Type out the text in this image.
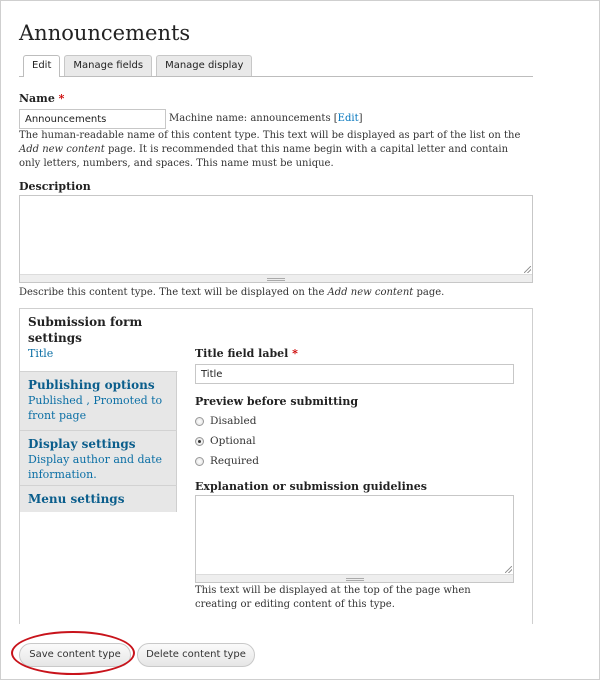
Announcements
Edit	Manage fields	Manage display
Name *
Announcements	Machine name: announcements [Edit]
The human-readable name of this content type. This text will be displayed as part of the list on the Add new content page. It is recommended that this name begin with a capital letter and contain only letters, numbers, and spaces. This name must be unique.
Description
Describe this content type. The text will be displayed on the Add new content page.
Submission form settings
Title
Publishing options
Published , Promoted to front page
Display settings
Display author and date information.
Menu settings
Title field label *
Title
Preview before submitting
Disabled
Optional
Required
Explanation or submission guidelines
This text will be displayed at the top of the page when creating or editing content of this type.
Save content type	Delete content type
